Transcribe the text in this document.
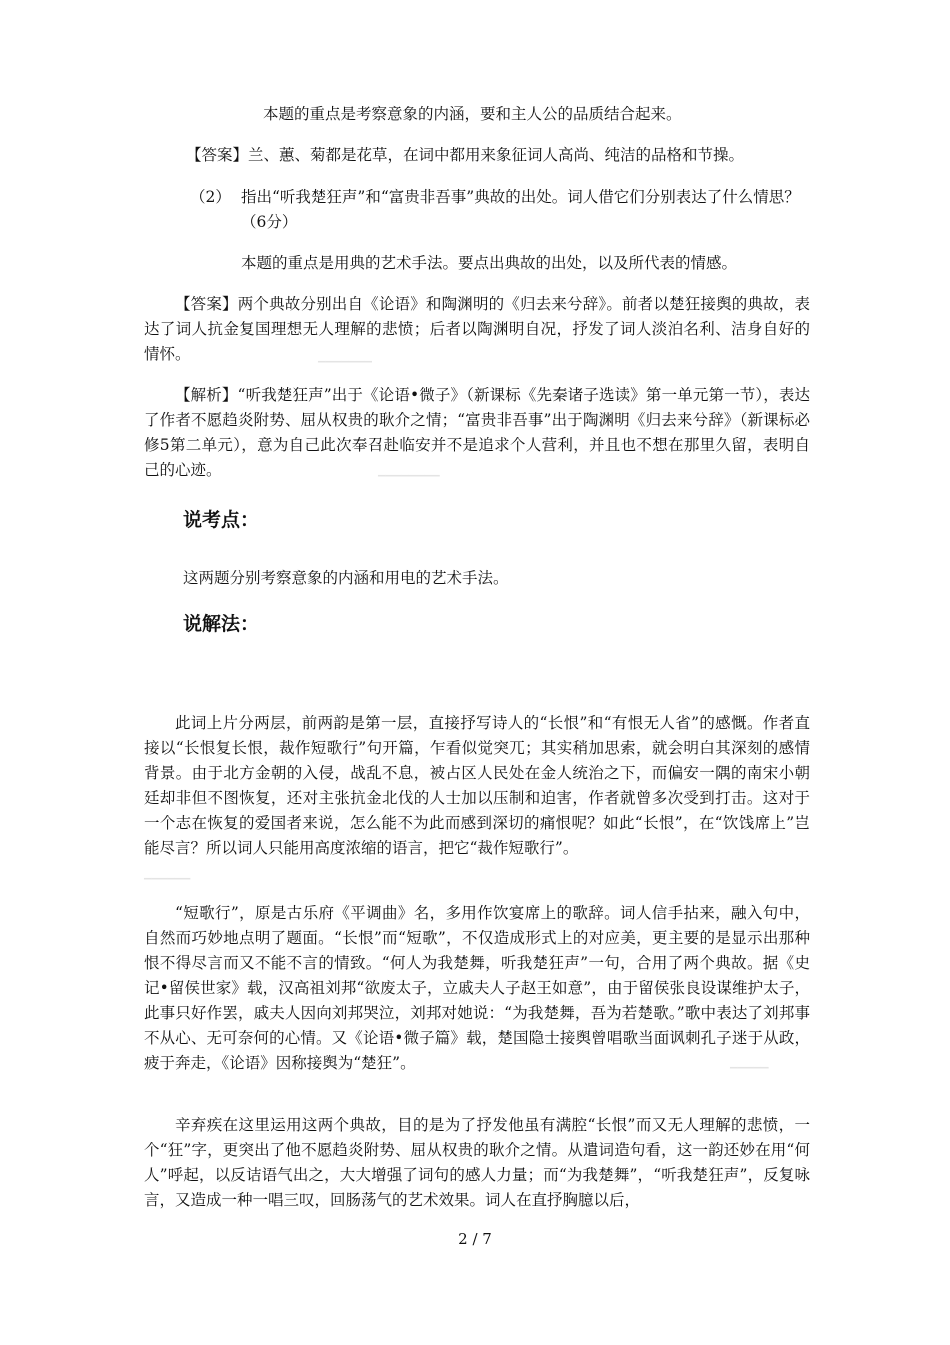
本题的重点是考察意象的内涵，要和主人公的品质结合起来。

【答案】兰、蕙、菊都是花草，在词中都用来象征词人高尚、纯洁的品格和节操。

（2） 指出“听我楚狂声”和“富贵非吾事”典故的出处。词人借它们分别表达了什么情思？（6分）

本题的重点是用典的艺术手法。要点出典故的出处，以及所代表的情感。

【答案】两个典故分别出自《论语》和陶渊明的《归去来兮辞》。前者以楚狂接舆的典故，表达了词人抗金复国理想无人理解的悲愤；后者以陶渊明自况，抒发了词人淡泊名利、洁身自好的情怀。	▁▁▁▁▁▁▁

【解析】“听我楚狂声”出于《论语•微子》（新课标《先秦诸子选读》第一单元第一节），表达了作者不愿趋炎附势、屈从权贵的耿介之情；“富贵非吾事”出于陶渊明《归去来兮辞》（新课标必修5第二单元），意为自己此次奉召赴临安并不是追求个人营利，并且也不想在那里久留，表明自己的心迹。	▁▁▁▁▁▁▁▁
说考点：

这两题分别考察意象的内涵和用电的艺术手法。

说解法：

此词上片分两层，前两韵是第一层，直接抒写诗人的“长恨”和“有恨无人省”的感慨。作者直接以“长恨复长恨，裁作短歌行”句开篇，乍看似觉突兀；其实稍加思索，就会明白其深刻的感情背景。由于北方金朝的入侵，战乱不息，被占区人民处在金人统治之下，而偏安一隅的南宋小朝廷却非但不图恢复，还对主张抗金北伐的人士加以压制和迫害，作者就曾多次受到打击。这对于一个志在恢复的爱国者来说，怎么能不为此而感到深切的痛恨呢？如此“长恨”，在“饮饯席上”岂能尽言？所以词人只能用高度浓缩的语言，把它“裁作短歌行”。

▁▁▁▁▁▁

“短歌行”，原是古乐府《平调曲》名，多用作饮宴席上的歌辞。词人信手拈来，融入句中，自然而巧妙地点明了题面。“长恨”而“短歌”，不仅造成形式上的对应美，更主要的是显示出那种恨不得尽言而又不能不言的情致。“何人为我楚舞，听我楚狂声”一句，合用了两个典故。据《史记•留侯世家》载，汉高祖刘邦“欲废太子，立戚夫人子赵王如意”，由于留侯张良设谋维护太子，此事只好作罢，戚夫人因向刘邦哭泣，刘邦对她说：“为我楚舞，吾为若楚歌。”歌中表达了刘邦事不从心、无可奈何的心情。又《论语•微子篇》载，楚国隐士接舆曾唱歌当面讽刺孔子迷于从政，疲于奔走，《论语》因称接舆为“楚狂”。	▁▁▁▁▁

辛弃疾在这里运用这两个典故，目的是为了抒发他虽有满腔“长恨”而又无人理解的悲愤，一个“狂”字，更突出了他不愿趋炎附势、屈从权贵的耿介之情。从遣词造句看，这一韵还妙在用“何人”呼起，以反诘语气出之，大大增强了词句的感人力量；而“为我楚舞”，“听我楚狂声”，反复咏言，又造成一种一唱三叹，回肠荡气的艺术效果。词人在直抒胸臆以后，

2 / 7
